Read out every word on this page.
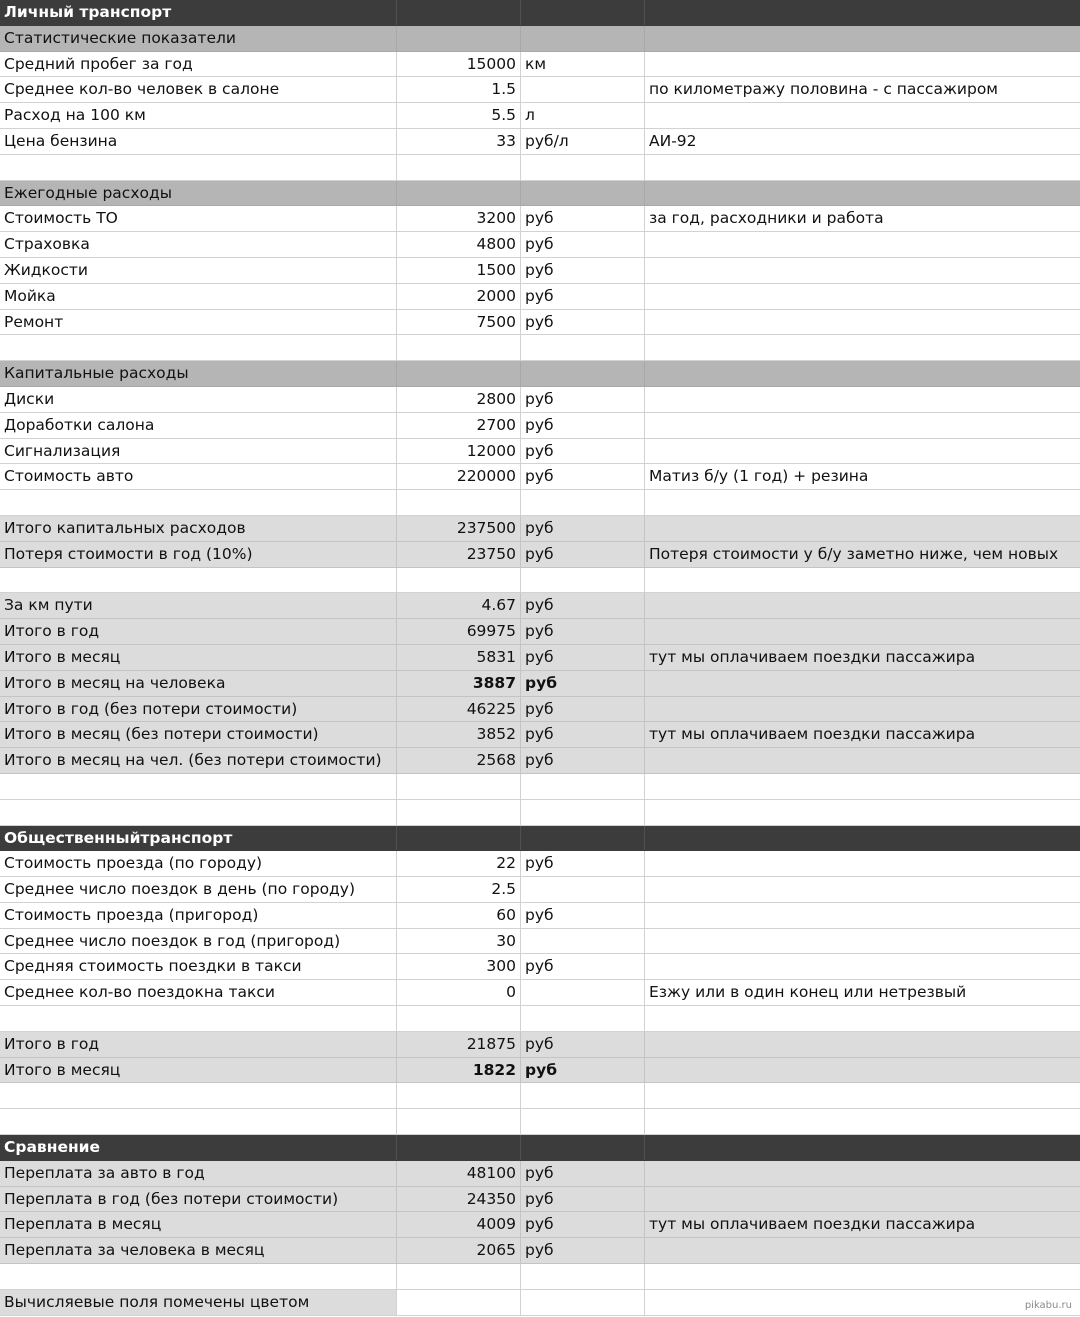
Личный транспорт
Статистические показатели
Средний пробег за год	15000 км
Среднее кол-во человек в салоне	1.5	по километражу половина - с пассажиром
Расход на 100 км	5.5 л
Цена бензина	33 руб/л	АИ-92
Ежегодные расходы
Стоимость ТО	3200 руб	за год, расходники и работа
Страховка	4800 руб
Жидкости	1500 руб
Мойка	2000 руб
Ремонт	7500 руб
Капитальные расходы
Диски	2800 руб
Доработки салона	2700 руб
Сигнализация	12000 руб
Стоимость авто	220000 руб	Матиз б/у (1 год) + резина
Итого капитальных расходов	237500 руб
Потеря стоимости в год (10%)	23750 руб	Потеря стоимости у б/у заметно ниже, чем новых
За км пути	4.67 руб
Итого в год	69975 руб
Итого в месяц	5831 руб	тут мы оплачиваем поездки пассажира
Итого в месяц на человека	3887 руб
Итого в год (без потери стоимости)	46225 руб
Итого в месяц (без потери стоимости)	3852 руб	тут мы оплачиваем поездки пассажира
Итого в месяц на чел. (без потери стоимости)	2568 руб
Общественныйтранспорт
Стоимость проезда (по городу)	22 руб
Среднее число поездок в день (по городу)	2.5
Стоимость проезда (пригород)	60 руб
Среднее число поездок в год (пригород)	30
Средняя стоимость поездки в такси	300 руб
Среднее кол-во поездокна такси	0	Езжу или в один конец или нетрезвый
Итого в год	21875 руб
Итого в месяц	1822 руб
Сравнение
Переплата за авто в год	48100 руб
Переплата в год (без потери стоимости)	24350 руб
Переплата в месяц	4009 руб	тут мы оплачиваем поездки пассажира
Переплата за человека в месяц	2065 руб
Вычисляевые поля помечены цветом	pikabu.ru
